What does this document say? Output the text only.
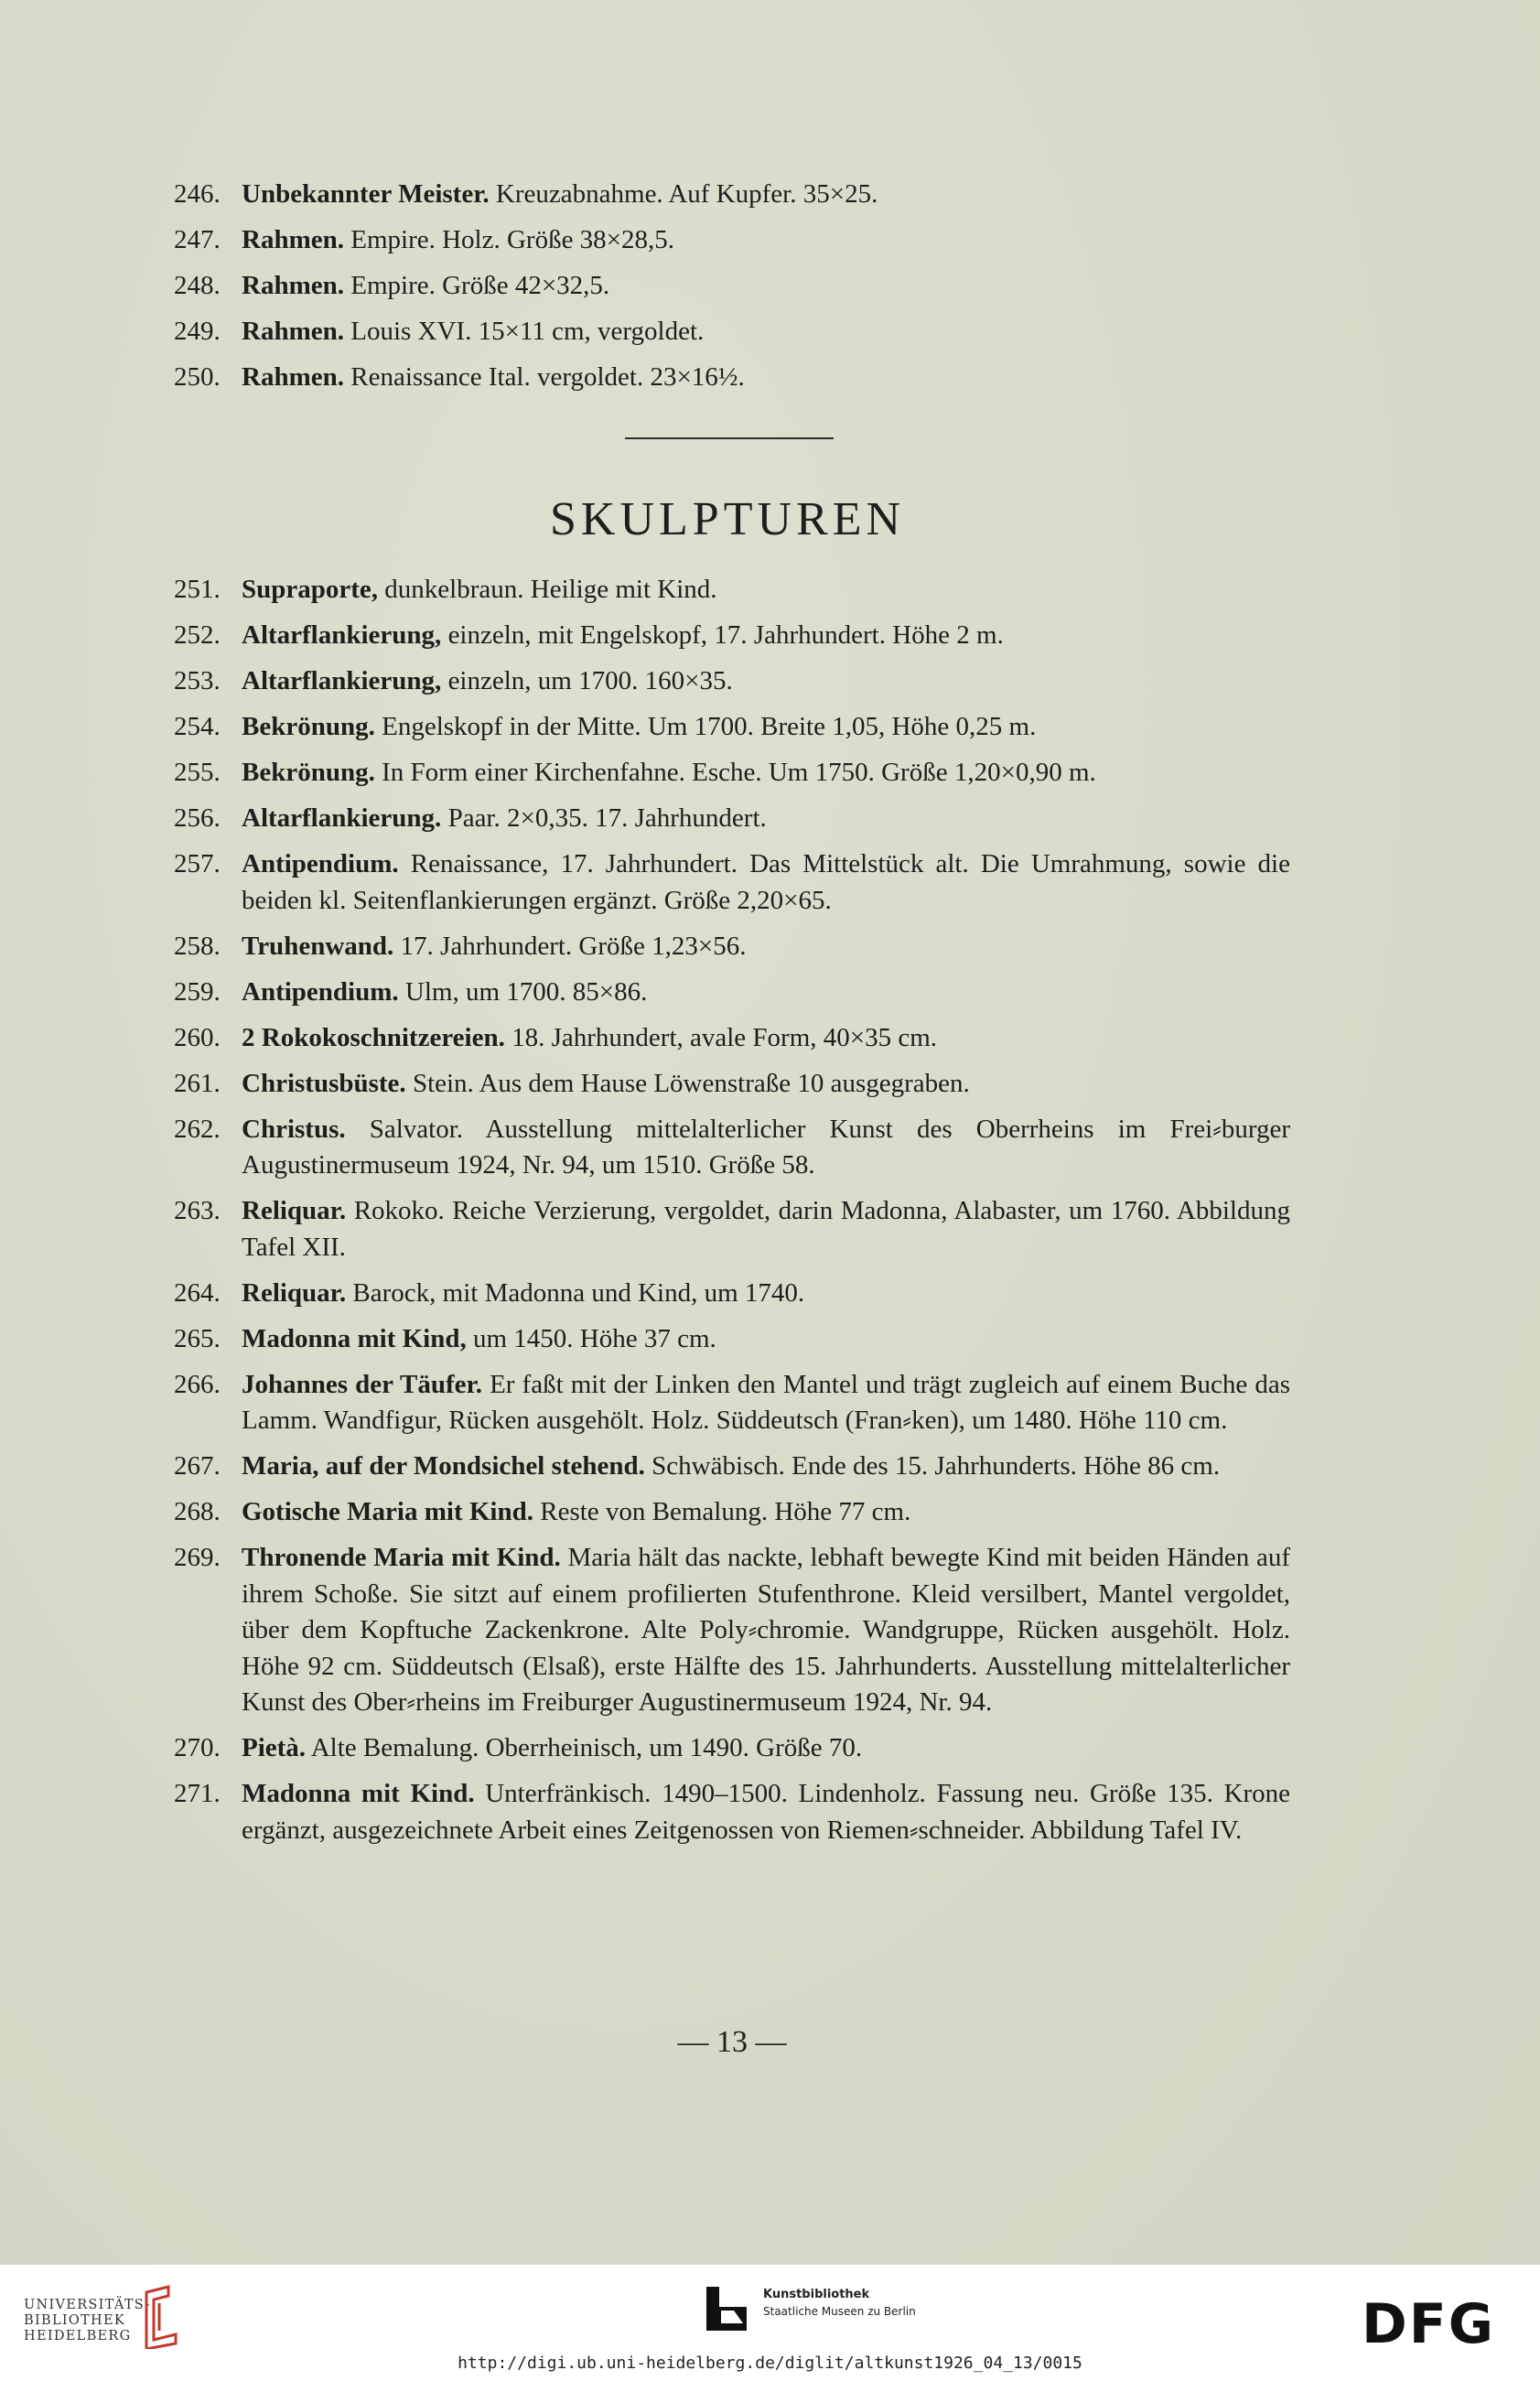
246. Unbekannter Meister. Kreuzabnahme. Auf Kupfer. 35×25.
247. Rahmen. Empire. Holz. Größe 38×28,5.
248. Rahmen. Empire. Größe 42×32,5.
249. Rahmen. Louis XVI. 15×11 cm, vergoldet.
250. Rahmen. Renaissance Ital. vergoldet. 23×16½.
SKULPTUREN
251. Supraporte, dunkelbraun. Heilige mit Kind.
252. Altarflankierung, einzeln, mit Engelskopf, 17. Jahrhundert. Höhe 2 m.
253. Altarflankierung, einzeln, um 1700. 160×35.
254. Bekrönung. Engelskopf in der Mitte. Um 1700. Breite 1,05, Höhe 0,25 m.
255. Bekrönung. In Form einer Kirchenfahne. Esche. Um 1750. Größe 1,20×0,90 m.
256. Altarflankierung. Paar. 2×0,35. 17. Jahrhundert.
257. Antipendium. Renaissance, 17. Jahrhundert. Das Mittelstück alt. Die Umrahmung, sowie die beiden kl. Seitenflankierungen ergänzt. Größe 2,20×65.
258. Truhenwand. 17. Jahrhundert. Größe 1,23×56.
259. Antipendium. Ulm, um 1700. 85×86.
260. 2 Rokokoschnitzereien. 18. Jahrhundert, avale Form, 40×35 cm.
261. Christusbüste. Stein. Aus dem Hause Löwenstraße 10 ausgegraben.
262. Christus. Salvator. Ausstellung mittelalterlicher Kunst des Oberrheins im Frei⸗burger Augustinermuseum 1924, Nr. 94, um 1510. Größe 58.
263. Reliquar. Rokoko. Reiche Verzierung, vergoldet, darin Madonna, Alabaster, um 1760. Abbildung Tafel XII.
264. Reliquar. Barock, mit Madonna und Kind, um 1740.
265. Madonna mit Kind, um 1450. Höhe 37 cm.
266. Johannes der Täufer. Er faßt mit der Linken den Mantel und trägt zugleich auf einem Buche das Lamm. Wandfigur, Rücken ausgehölt. Holz. Süddeutsch (Fran⸗ken), um 1480. Höhe 110 cm.
267. Maria, auf der Mondsichel stehend. Schwäbisch. Ende des 15. Jahrhunderts. Höhe 86 cm.
268. Gotische Maria mit Kind. Reste von Bemalung. Höhe 77 cm.
269. Thronende Maria mit Kind. Maria hält das nackte, lebhaft bewegte Kind mit beiden Händen auf ihrem Schoße. Sie sitzt auf einem profilierten Stufenthrone. Kleid versilbert, Mantel vergoldet, über dem Kopftuche Zackenkrone. Alte Poly⸗chromie. Wandgruppe, Rücken ausgehölt. Holz. Höhe 92 cm. Süddeutsch (Elsaß), erste Hälfte des 15. Jahrhunderts. Ausstellung mittelalterlicher Kunst des Ober⸗rheins im Freiburger Augustinermuseum 1924, Nr. 94.
270. Pietà. Alte Bemalung. Oberrheinisch, um 1490. Größe 70.
271. Madonna mit Kind. Unterfränkisch. 1490–1500. Lindenholz. Fassung neu. Größe 135. Krone ergänzt, ausgezeichnete Arbeit eines Zeitgenossen von Riemen⸗schneider. Abbildung Tafel IV.
— 13 —
UNIVERSITÄTS-
BIBLIOTHEK
HEIDELBERG
Kunstbibliothek
Staatliche Museen zu Berlin	DFG
http://digi.ub.uni-heidelberg.de/diglit/altkunst1926_04_13/0015
